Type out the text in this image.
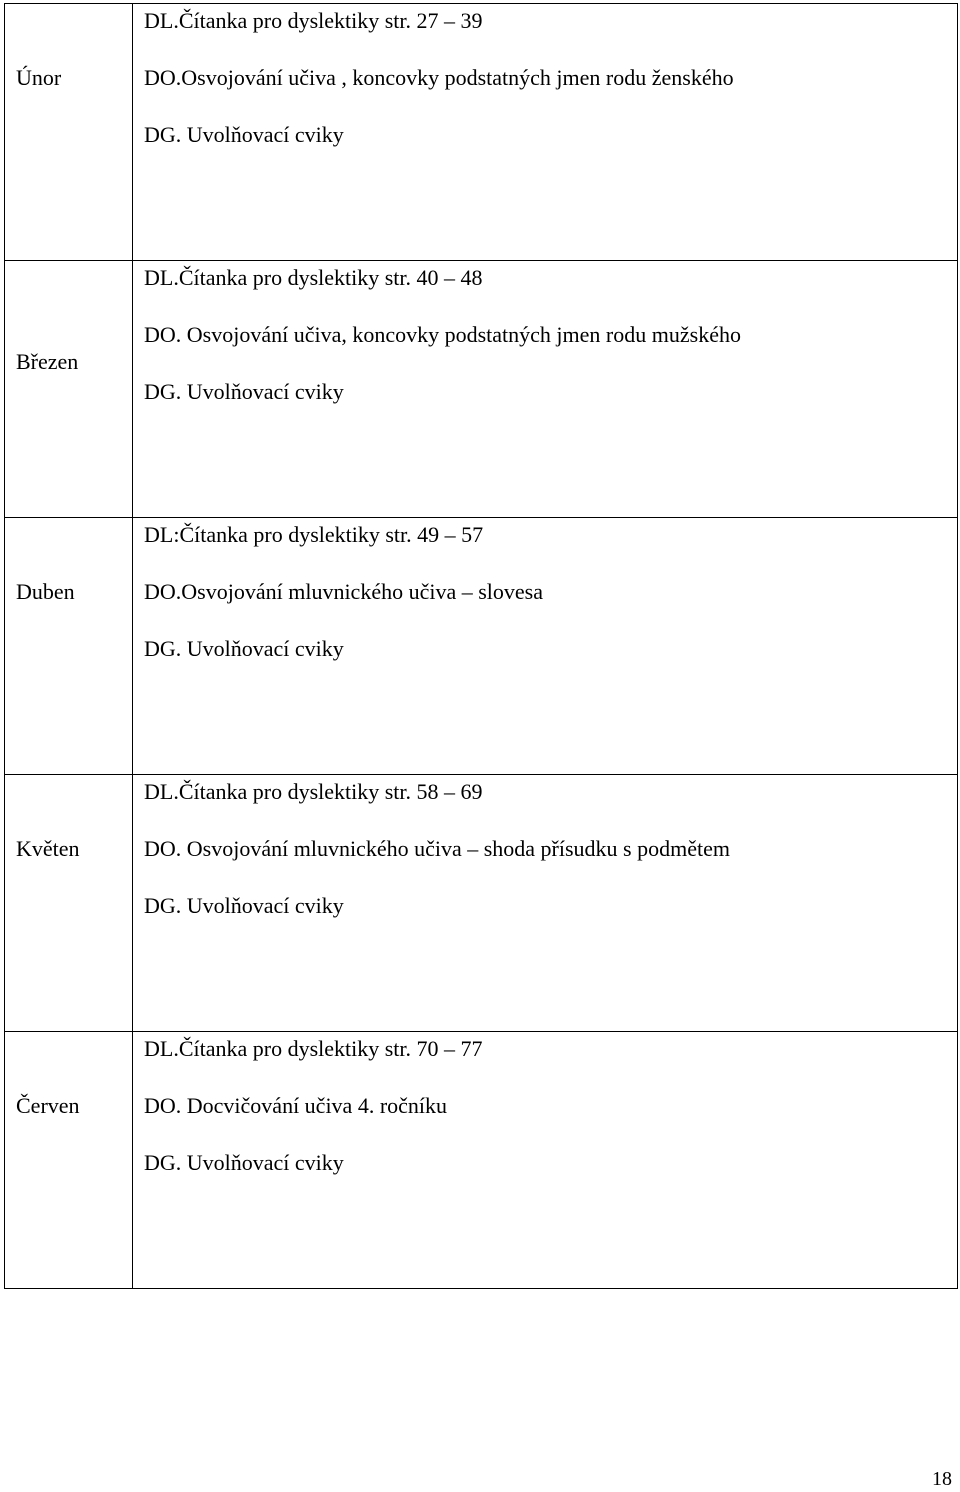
Únor	DL.Čítanka pro dyslektiky str. 27 – 39
DO.Osvojování učiva , koncovky podstatných jmen rodu ženského
DG. Uvolňovací cviky

Březen	DL.Čítanka pro dyslektiky str. 40 – 48
DO. Osvojování učiva, koncovky podstatných jmen rodu mužského
DG. Uvolňovací cviky

Duben	DL:Čítanka pro dyslektiky str. 49 – 57
DO.Osvojování mluvnického učiva – slovesa
DG. Uvolňovací cviky

Květen	DL.Čítanka pro dyslektiky str. 58 – 69
DO. Osvojování mluvnického učiva – shoda přísudku s podmětem
DG. Uvolňovací cviky

Červen	DL.Čítanka pro dyslektiky str. 70 – 77
DO. Docvičování učiva 4. ročníku
DG. Uvolňovací cviky
18
